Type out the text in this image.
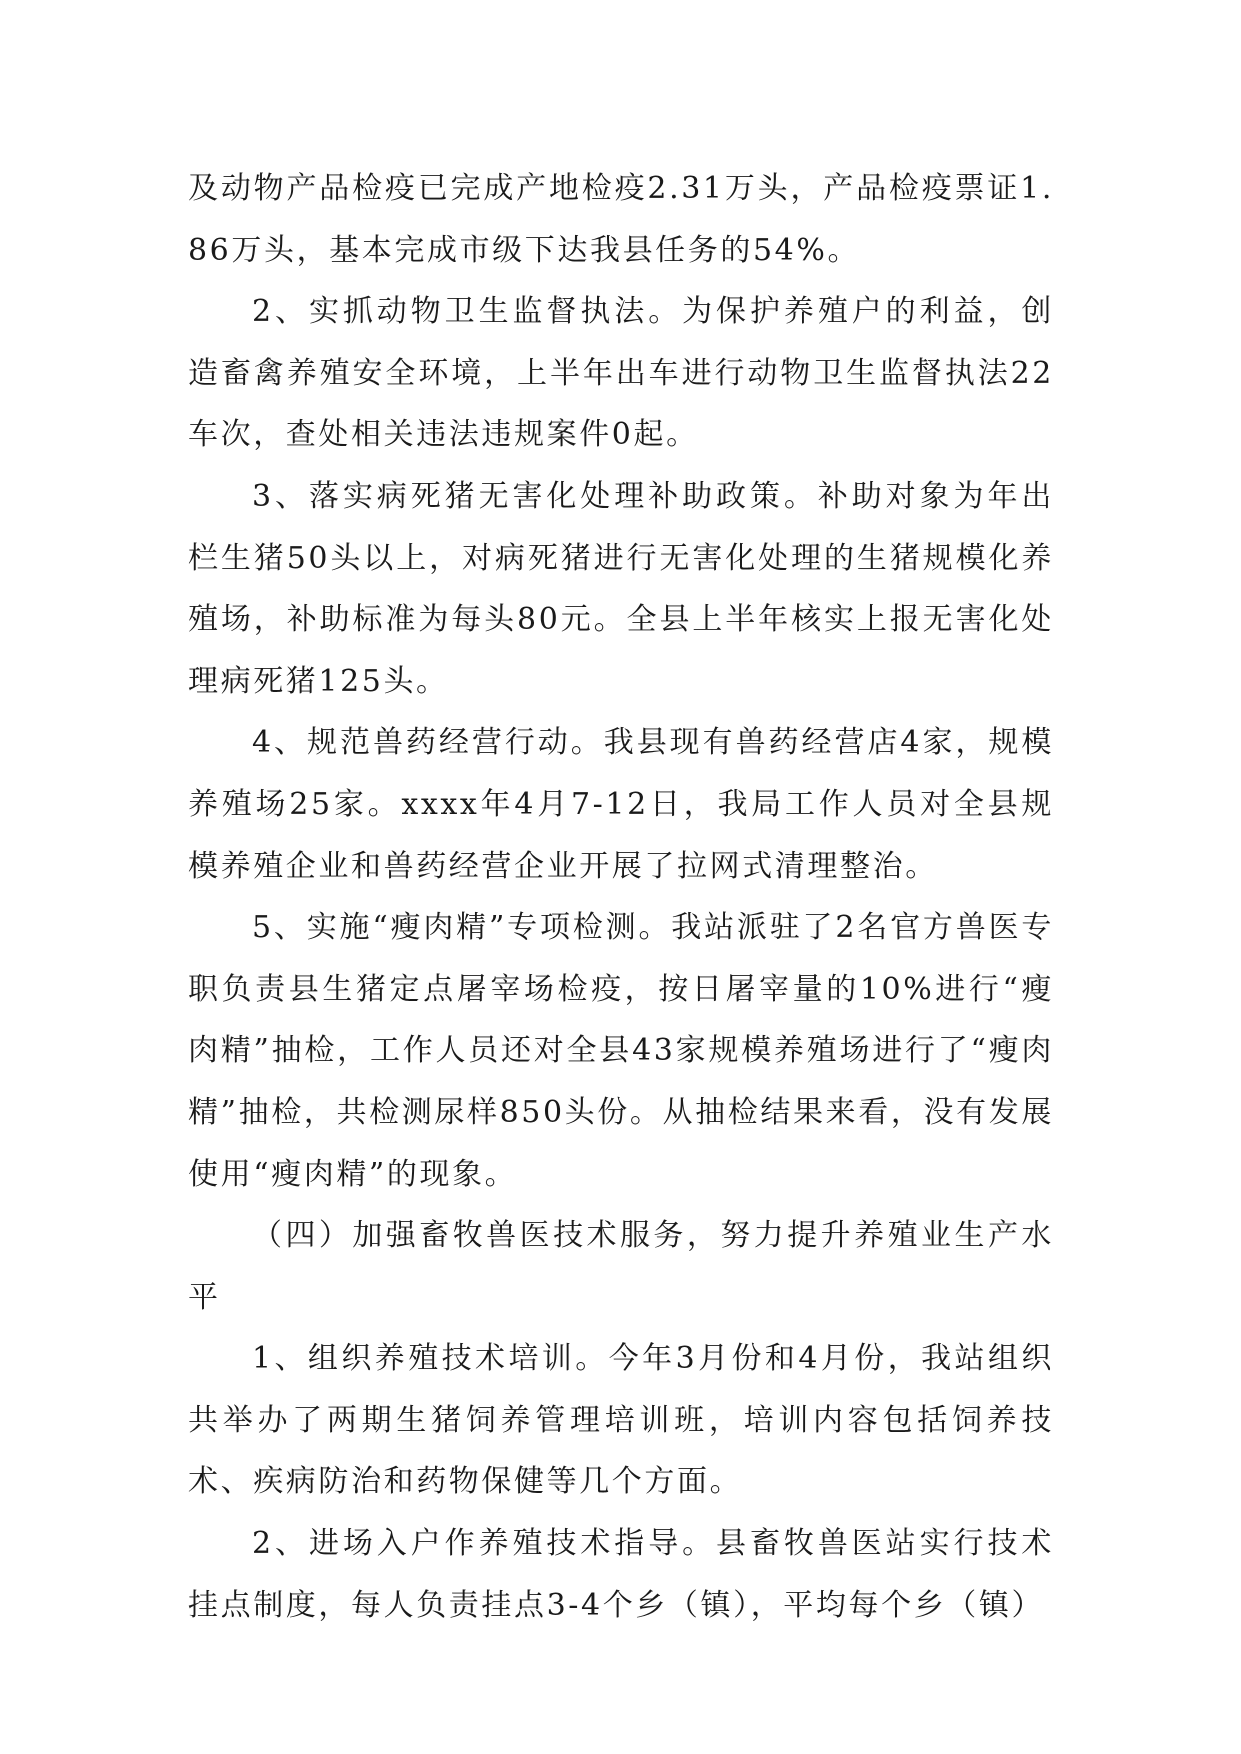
及动物产品检疫已完成产地检疫2.31万头，产品检疫票证1.86万头，基本完成市级下达我县任务的54%。

2、实抓动物卫生监督执法。为保护养殖户的利益，创造畜禽养殖安全环境，上半年出车进行动物卫生监督执法22车次，查处相关违法违规案件0起。

3、落实病死猪无害化处理补助政策。补助对象为年出栏生猪50头以上，对病死猪进行无害化处理的生猪规模化养殖场，补助标准为每头80元。全县上半年核实上报无害化处理病死猪125头。

4、规范兽药经营行动。我县现有兽药经营店4家，规模养殖场25家。xxxx年4月7-12日，我局工作人员对全县规模养殖企业和兽药经营企业开展了拉网式清理整治。

5、实施“瘦肉精”专项检测。我站派驻了2名官方兽医专职负责县生猪定点屠宰场检疫，按日屠宰量的10%进行“瘦肉精”抽检，工作人员还对全县43家规模养殖场进行了“瘦肉精”抽检，共检测尿样850头份。从抽检结果来看，没有发展使用“瘦肉精”的现象。

（四）加强畜牧兽医技术服务，努力提升养殖业生产水平

1、组织养殖技术培训。今年3月份和4月份，我站组织共举办了两期生猪饲养管理培训班，培训内容包括饲养技术、疾病防治和药物保健等几个方面。

2、进场入户作养殖技术指导。县畜牧兽医站实行技术挂点制度，每人负责挂点3-4个乡（镇），平均每个乡（镇）
